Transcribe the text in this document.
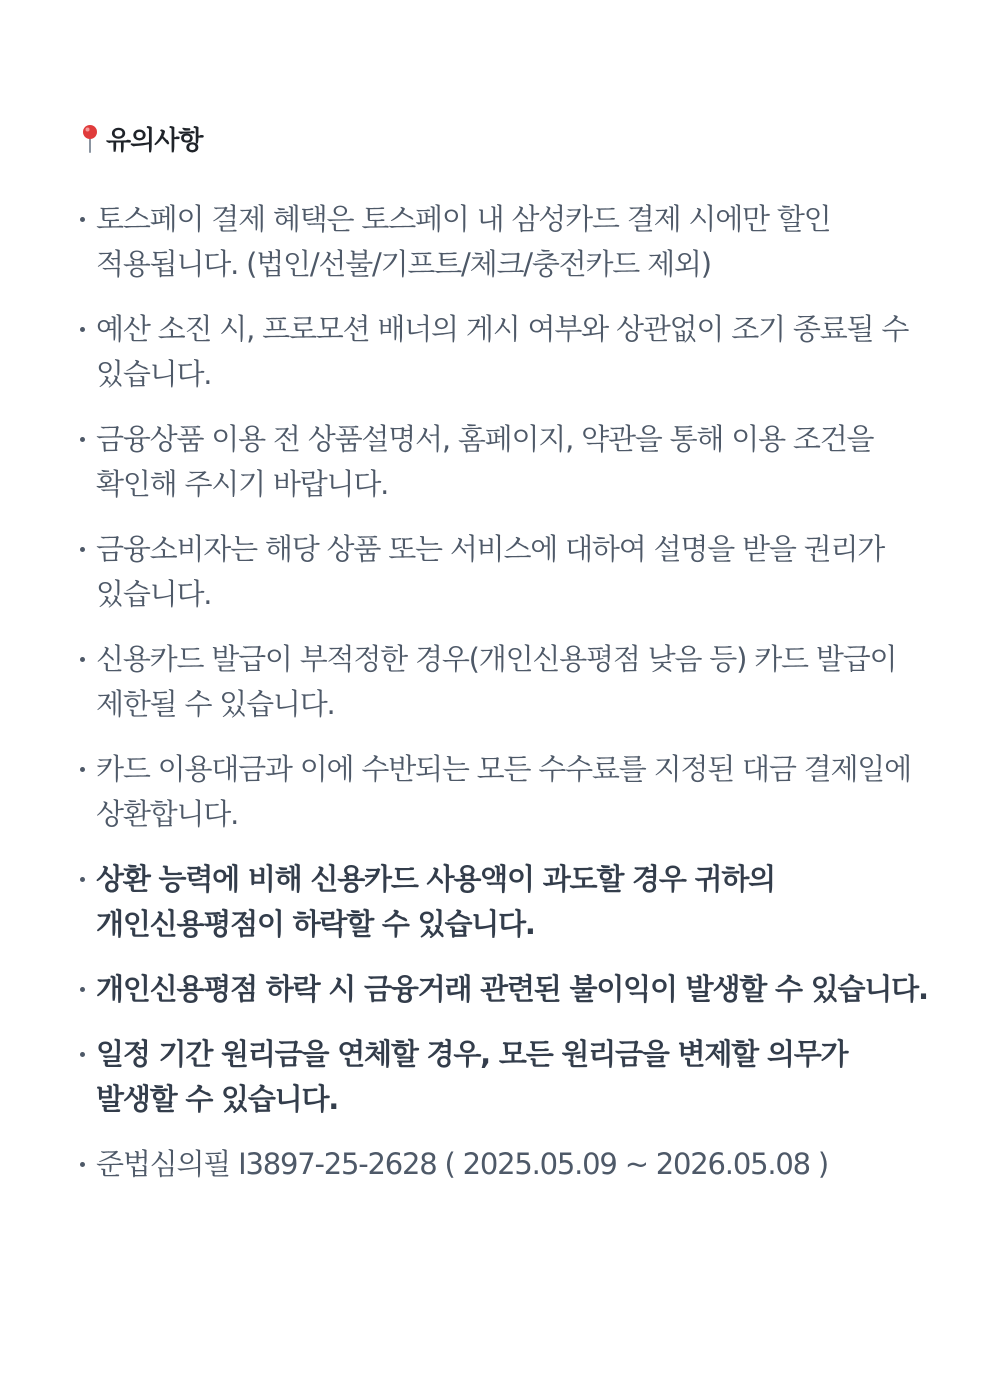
유의사항
토스페이 결제 혜택은 토스페이 내 삼성카드 결제 시에만 할인 적용됩니다. (법인/선불/기프트/체크/충전카드 제외)
예산 소진 시, 프로모션 배너의 게시 여부와 상관없이 조기 종료될 수 있습니다.
금융상품 이용 전 상품설명서, 홈페이지, 약관을 통해 이용 조건을 확인해 주시기 바랍니다.
금융소비자는 해당 상품 또는 서비스에 대하여 설명을 받을 권리가 있습니다.
신용카드 발급이 부적정한 경우(개인신용평점 낮음 등) 카드 발급이 제한될 수 있습니다.
카드 이용대금과 이에 수반되는 모든 수수료를 지정된 대금 결제일에 상환합니다.
상환 능력에 비해 신용카드 사용액이 과도할 경우 귀하의 개인신용평점이 하락할 수 있습니다.
개인신용평점 하락 시 금융거래 관련된 불이익이 발생할 수 있습니다.
일정 기간 원리금을 연체할 경우, 모든 원리금을 변제할 의무가 발생할 수 있습니다.
준법심의필 I3897-25-2628 ( 2025.05.09 ~ 2026.05.08 )
